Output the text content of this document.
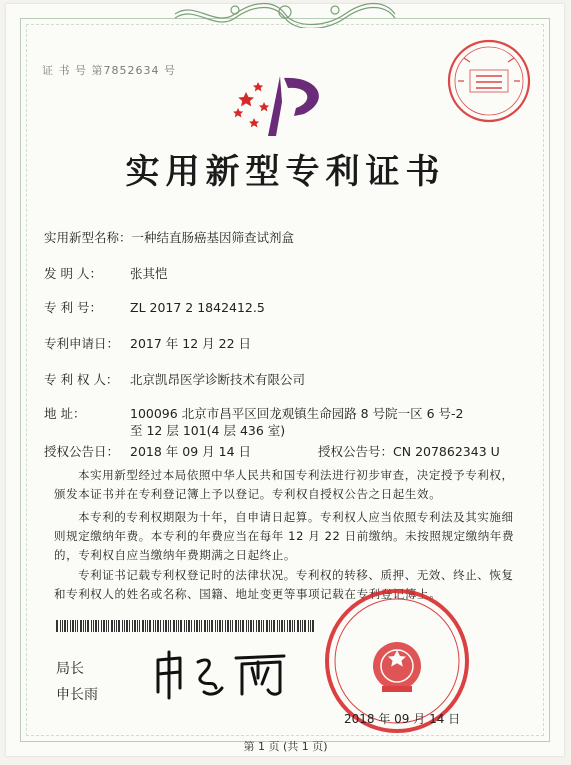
证 书 号 第7852634 号
实用新型专利证书
实用新型名称：一种结直肠癌基因筛查试剂盒
发 明 人： 张其恺
专 利 号： ZL 2017 2 1842412.5
专利申请日： 2017 年 12 月 22 日
专 利 权 人： 北京凯昂医学诊断技术有限公司
地 址：	100096 北京市昌平区回龙观镇生命园路 8 号院一区 6 号-2
至 12 层 101(4 层 436 室)
授权公告日： 2018 年 09 月 14 日	授权公告号：CN 207862343 U
本实用新型经过本局依照中华人民共和国专利法进行初步审查，决定授予专利权，颁发本证书并在专利登记簿上予以登记。专利权自授权公告之日起生效。
本专利的专利权期限为十年，自申请日起算。专利权人应当依照专利法及其实施细则规定缴纳年费。本专利的年费应当在每年 12 月 22 日前缴纳。未按照规定缴纳年费的，专利权自应当缴纳年费期满之日起终止。
专利证书记载专利权登记时的法律状况。专利权的转移、质押、无效、终止、恢复和专利权人的姓名或名称、国籍、地址变更等事项记载在专利登记簿上。
局长
申长雨
2018 年 09 月 14 日
第 1 页 (共 1 页)
